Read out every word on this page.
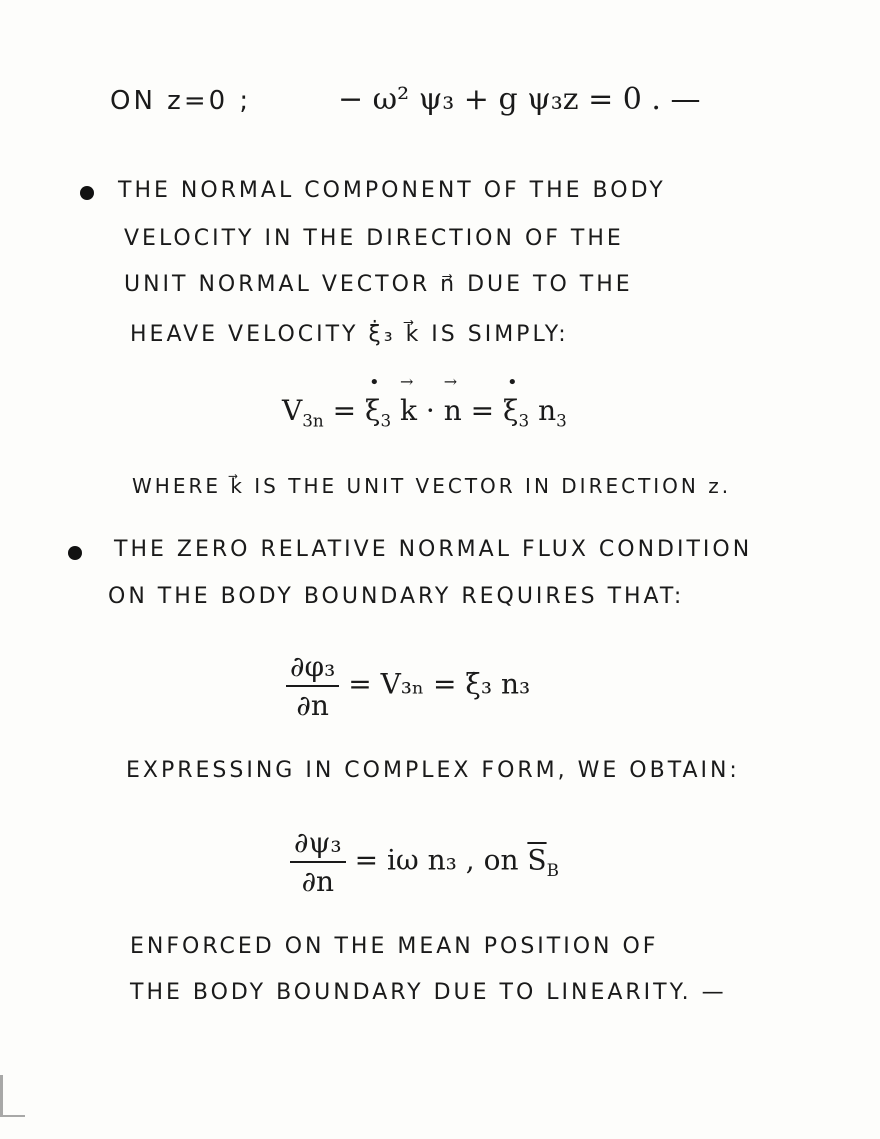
ON z=0 ;	− ω² ψ₃ + g ψ₃z = 0 . —
THE NORMAL COMPONENT OF THE BODY
VELOCITY IN THE DIRECTION OF THE
UNIT NORMAL VECTOR n⃗ DUE TO THE
HEAVE VELOCITY ξ̇₃ k⃗ IS SIMPLY:
$V_{3n}$ = • $\xi_3 \to k$ · → n = • $\xi_3$ $n_3$
WHERE k⃗ IS THE UNIT VECTOR IN DIRECTION z.
THE ZERO RELATIVE NORMAL FLUX CONDITION
ON THE BODY BOUNDARY REQUIRES THAT:
$\frac{\text{∂φ₃}}{\partial n} = V_{3n}$ = ξ̇₃ n₃
EXPRESSING IN COMPLEX FORM, WE OBTAIN:
$\frac{\text{∂ψ₃}}{\partial n} = i\omega$ n₃ , on $\overline{S}_B$
ENFORCED ON THE MEAN POSITION OF
THE BODY BOUNDARY DUE TO LINEARITY. —
